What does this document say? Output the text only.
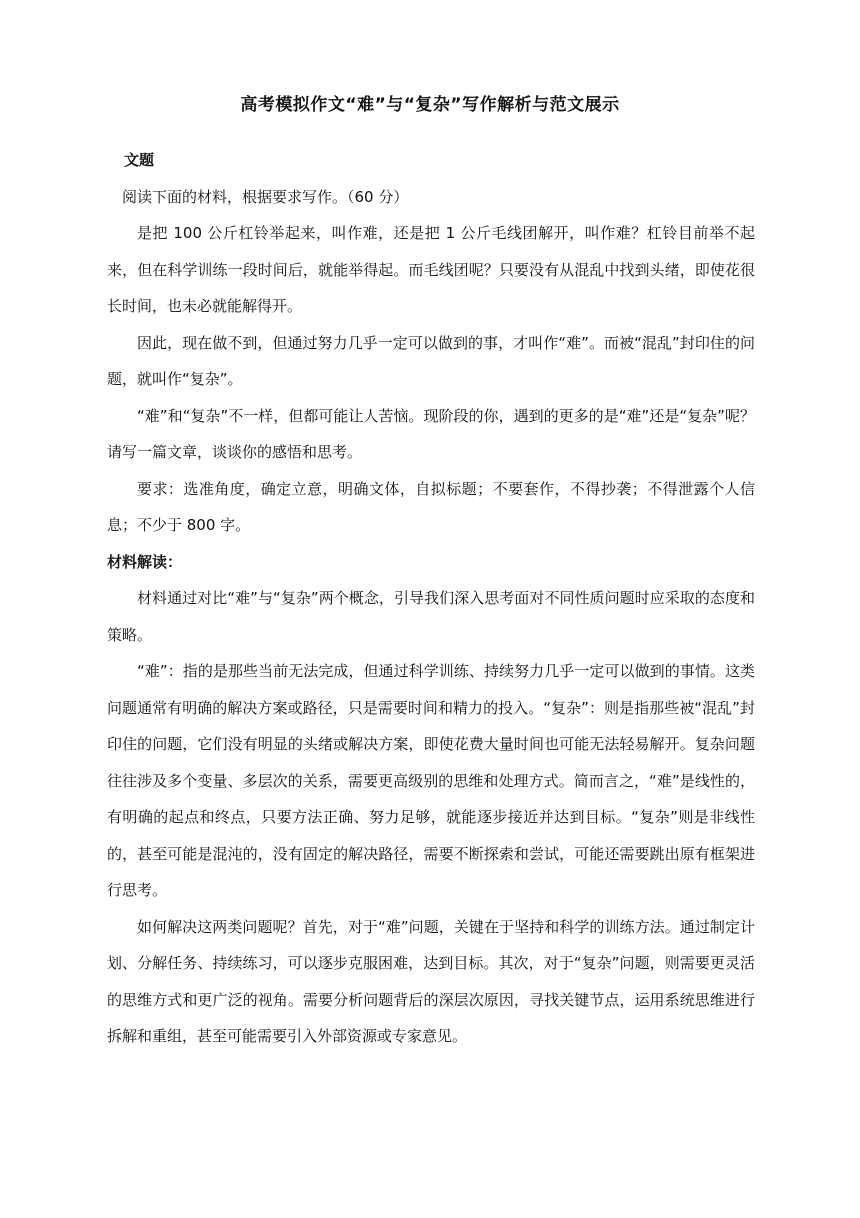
高考模拟作文“难”与“复杂”写作解析与范文展示

文题

阅读下面的材料，根据要求写作。（60 分）

是把 100 公斤杠铃举起来，叫作难，还是把 1 公斤毛线团解开，叫作难？杠铃目前举不起来，但在科学训练一段时间后，就能举得起。而毛线团呢？只要没有从混乱中找到头绪，即使花很长时间，也未必就能解得开。

因此，现在做不到，但通过努力几乎一定可以做到的事，才叫作“难”。而被“混乱”封印住的问题，就叫作“复杂”。

“难”和“复杂”不一样，但都可能让人苦恼。现阶段的你，遇到的更多的是“难”还是“复杂”呢？请写一篇文章，谈谈你的感悟和思考。

要求：选准角度，确定立意，明确文体，自拟标题；不要套作，不得抄袭；不得泄露个人信息；不少于 800 字。

材料解读：

材料通过对比“难”与“复杂”两个概念，引导我们深入思考面对不同性质问题时应采取的态度和策略。

“难”：指的是那些当前无法完成，但通过科学训练、持续努力几乎一定可以做到的事情。这类问题通常有明确的解决方案或路径，只是需要时间和精力的投入。“复杂”：则是指那些被“混乱”封印住的问题，它们没有明显的头绪或解决方案，即使花费大量时间也可能无法轻易解开。复杂问题往往涉及多个变量、多层次的关系，需要更高级别的思维和处理方式。简而言之，“难”是线性的，有明确的起点和终点，只要方法正确、努力足够，就能逐步接近并达到目标。“复杂”则是非线性的，甚至可能是混沌的，没有固定的解决路径，需要不断探索和尝试，可能还需要跳出原有框架进行思考。

如何解决这两类问题呢？首先，对于“难”问题，关键在于坚持和科学的训练方法。通过制定计划、分解任务、持续练习，可以逐步克服困难，达到目标。其次，对于“复杂”问题，则需要更灵活的思维方式和更广泛的视角。需要分析问题背后的深层次原因，寻找关键节点，运用系统思维进行拆解和重组，甚至可能需要引入外部资源或专家意见。
